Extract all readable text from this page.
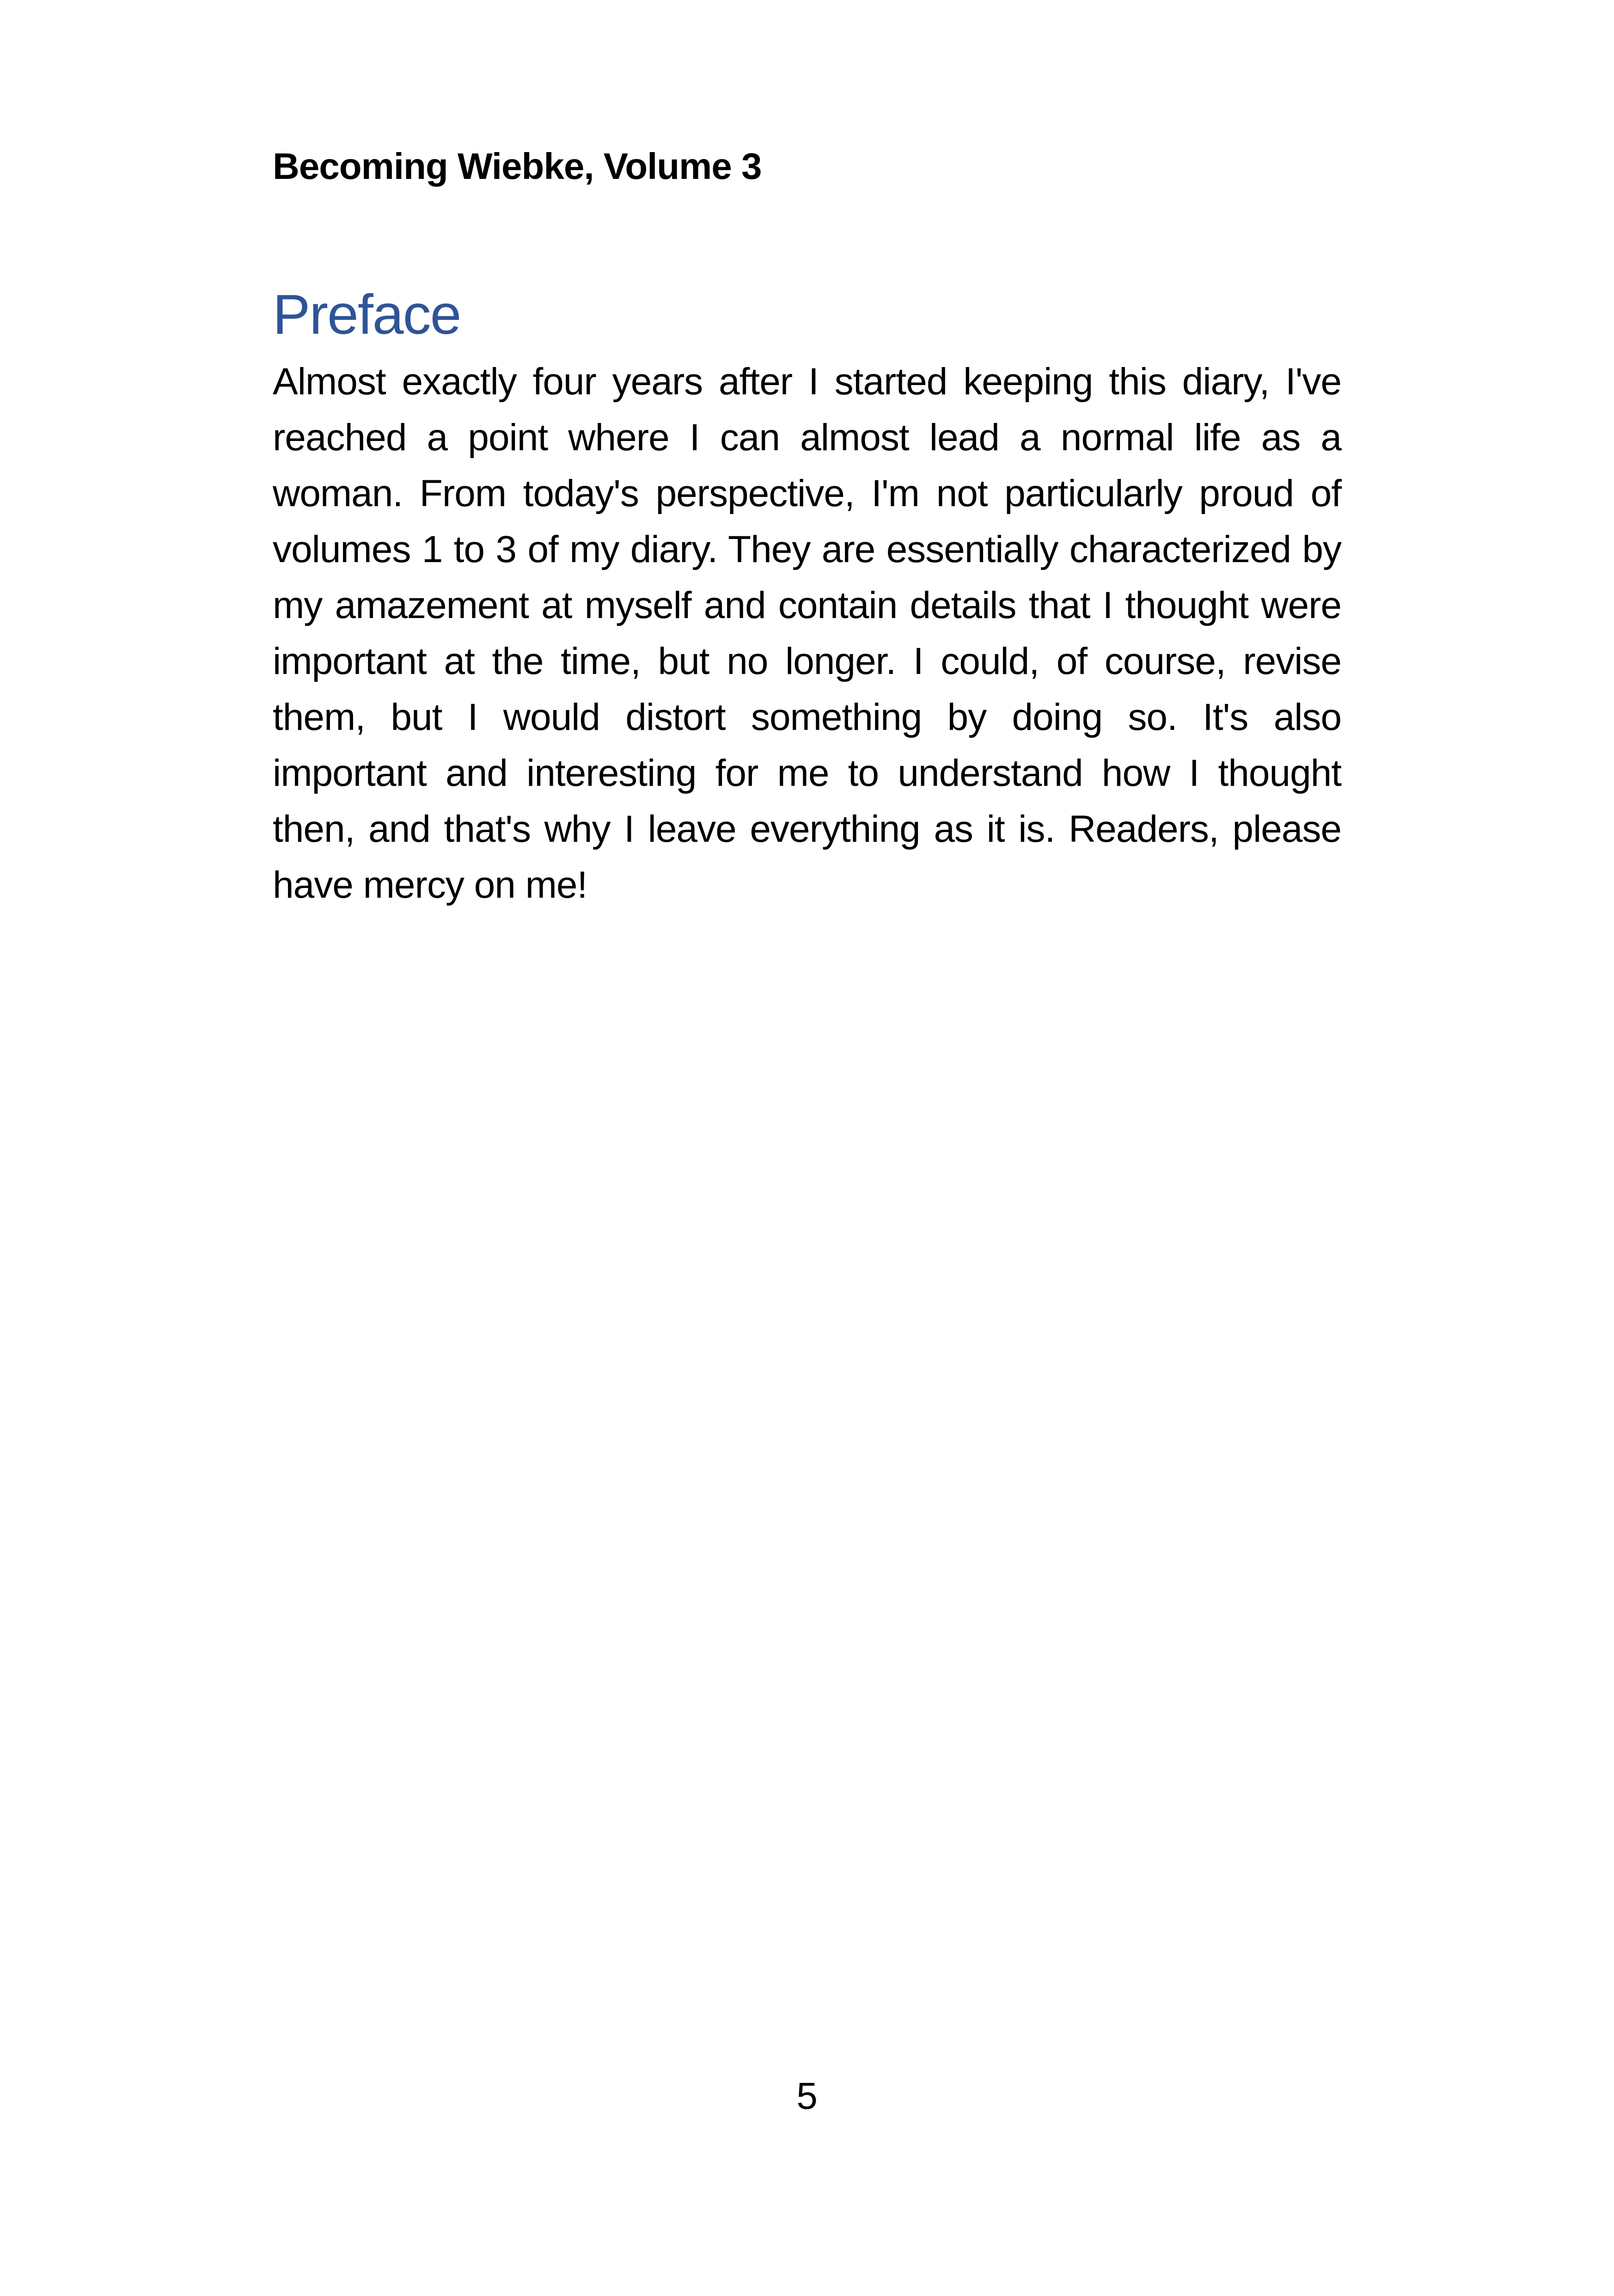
Becoming Wiebke, Volume 3
Preface

Almost exactly four years after I started keeping this diary, I've reached a point where I can almost lead a normal life as a woman. From today's perspective, I'm not particularly proud of volumes 1 to 3 of my diary. They are essentially characterized by my amazement at myself and contain details that I thought were important at the time, but no longer. I could, of course, revise them, but I would distort something by doing so. It's also important and interesting for me to understand how I thought then, and that's why I leave everything as it is. Readers, please have mercy on me!

5
